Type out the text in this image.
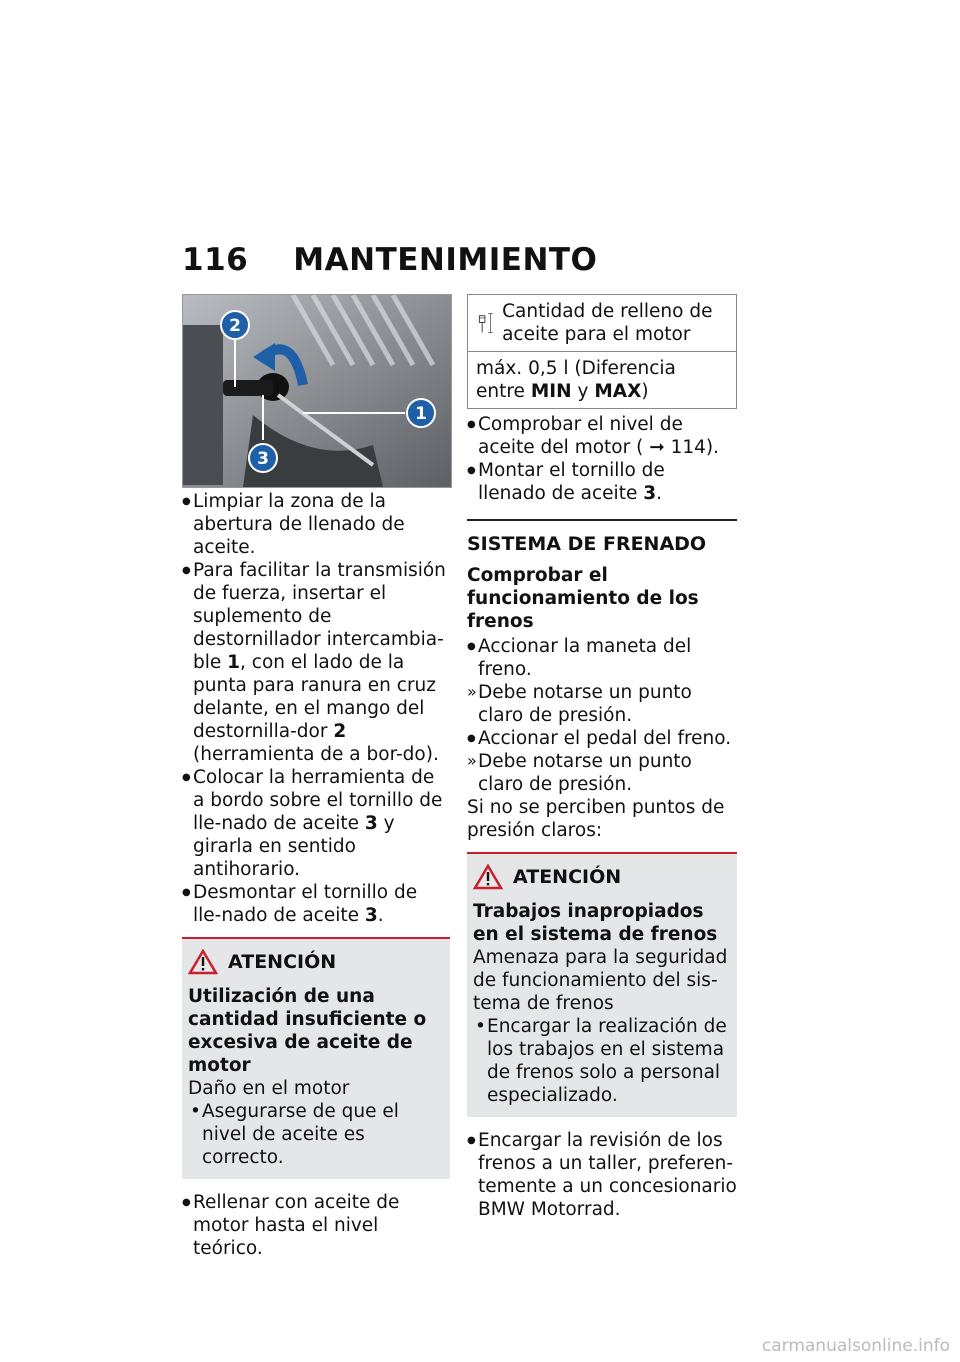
116 MANTENIMIENTO
2
3
1
● Limpiar la zona de la abertura de llenado de aceite.
● Para facilitar la transmisión de fuerza, insertar el suplemento de destornillador intercambia-ble 1, con el lado de la punta para ranura en cruz delante, en el mango del destornilla-dor 2 (herramienta de a bor-do).
● Colocar la herramienta de a bordo sobre el tornillo de lle-nado de aceite 3 y girarla en sentido antihorario.
● Desmontar el tornillo de lle-nado de aceite 3.
ATENCIÓN
Utilización de una cantidad insuficiente o excesiva de aceite de motor
Daño en el motor
• Asegurarse de que el nivel de aceite es correcto.
● Rellenar con aceite de motor hasta el nivel teórico.
Cantidad de relleno de aceite para el motor
máx. 0,5 l (Diferencia entre MIN y MAX)
● Comprobar el nivel de aceite del motor ( ➞ 114).
● Montar el tornillo de llenado de aceite 3.
SISTEMA DE FRENADO
Comprobar el funcionamiento de los frenos
● Accionar la maneta del freno.
» Debe notarse un punto claro de presión.
● Accionar el pedal del freno.
» Debe notarse un punto claro de presión.
Si no se perciben puntos de presión claros:
ATENCIÓN
Trabajos inapropiados en el sistema de frenos
Amenaza para la seguridad de funcionamiento del sis-tema de frenos
• Encargar la realización de los trabajos en el sistema de frenos solo a personal especializado.
● Encargar la revisión de los frenos a un taller, preferen-temente a un concesionario BMW Motorrad.
carmanualsonline.info
